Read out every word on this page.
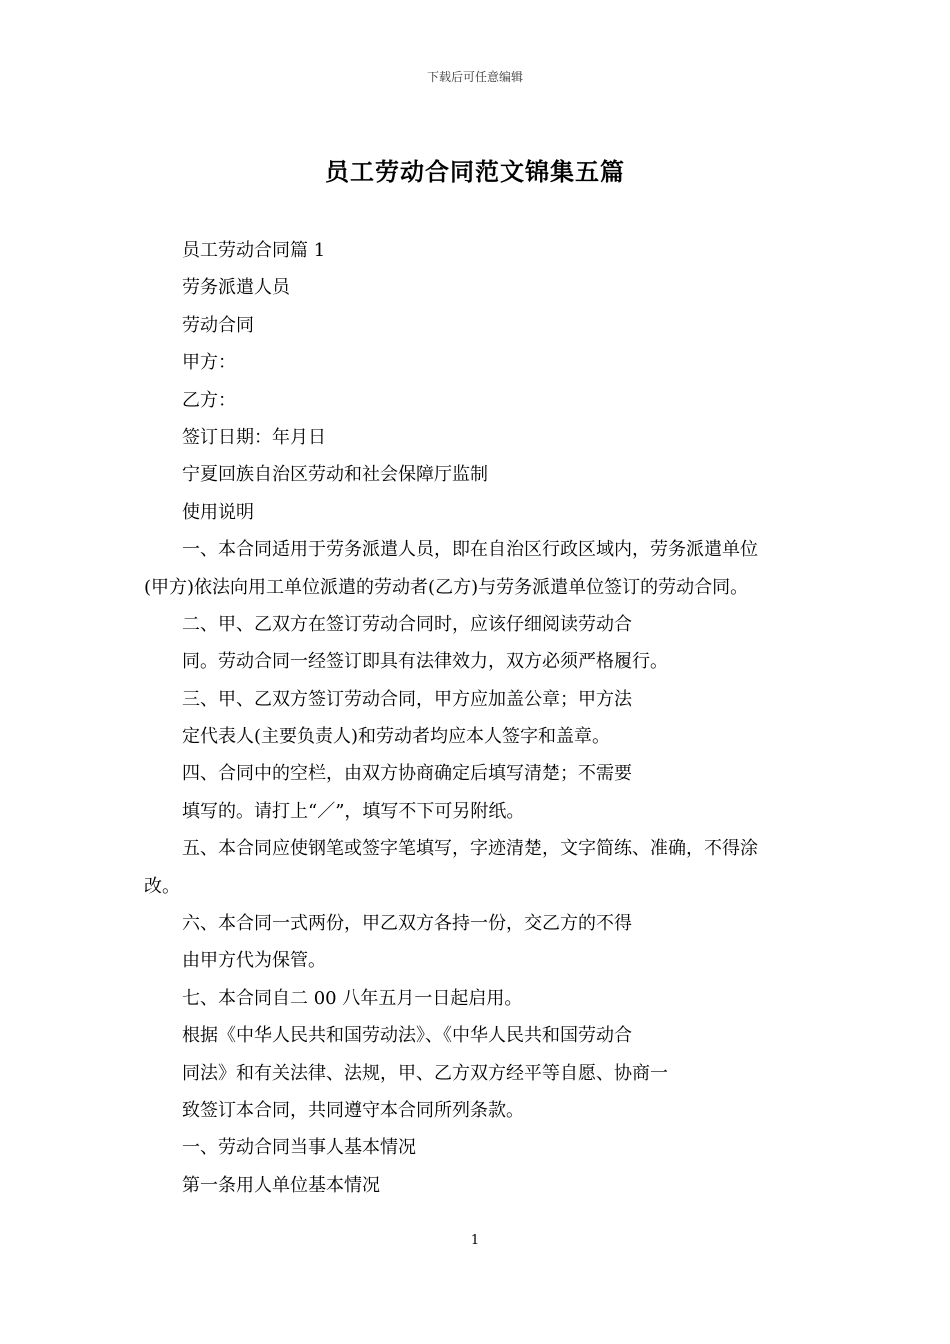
下载后可任意编辑
员工劳动合同范文锦集五篇
员工劳动合同篇 1
劳务派遣人员
劳动合同
甲方：
乙方：
签订日期：年月日
宁夏回族自治区劳动和社会保障厅监制
使用说明
一、本合同适用于劳务派遣人员，即在自治区行政区域内，劳务派遣单位
(甲方)依法向用工单位派遣的劳动者(乙方)与劳务派遣单位签订的劳动合同。
二、甲、乙双方在签订劳动合同时，应该仔细阅读劳动合
同。劳动合同一经签订即具有法律效力，双方必须严格履行。
三、甲、乙双方签订劳动合同，甲方应加盖公章；甲方法
定代表人(主要负责人)和劳动者均应本人签字和盖章。
四、合同中的空栏，由双方协商确定后填写清楚；不需要
填写的。请打上“／”，填写不下可另附纸。
五、本合同应使钢笔或签字笔填写，字迹清楚，文字简练、准确，不得涂
改。
六、本合同一式两份，甲乙双方各持一份，交乙方的不得
由甲方代为保管。
七、本合同自二 00 八年五月一日起启用。
根据《中华人民共和国劳动法》、《中华人民共和国劳动合
同法》和有关法律、法规，甲、乙方双方经平等自愿、协商一
致签订本合同，共同遵守本合同所列条款。
一、劳动合同当事人基本情况
第一条用人单位基本情况
1
